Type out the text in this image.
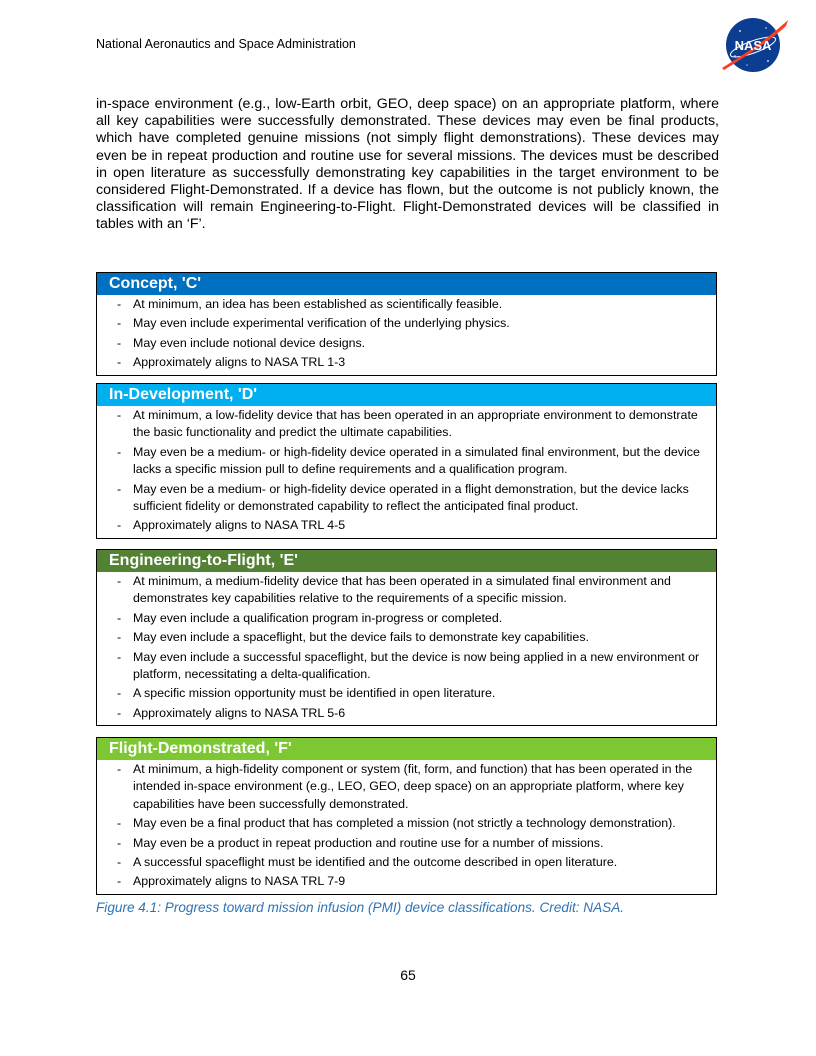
National Aeronautics and Space Administration	NASA

in-space environment (e.g., low-Earth orbit, GEO, deep space) on an appropriate platform, where all key capabilities were successfully demonstrated. These devices may even be final products, which have completed genuine missions (not simply flight demonstrations). These devices may even be in repeat production and routine use for several missions. The devices must be described in open literature as successfully demonstrating key capabilities in the target environment to be considered Flight-Demonstrated. If a device has flown, but the outcome is not publicly known, the classification will remain Engineering-to-Flight. Flight-Demonstrated devices will be classified in tables with an ‘F’.

Concept, 'C'
- At minimum, an idea has been established as scientifically feasible.
- May even include experimental verification of the underlying physics.
- May even include notional device designs.
- Approximately aligns to NASA TRL 1-3
In-Development, 'D'
- At minimum, a low-fidelity device that has been operated in an appropriate environment to demonstrate the basic functionality and predict the ultimate capabilities.
- May even be a medium- or high-fidelity device operated in a simulated final environment, but the device lacks a specific mission pull to define requirements and a qualification program.
- May even be a medium- or high-fidelity device operated in a flight demonstration, but the device lacks sufficient fidelity or demonstrated capability to reflect the anticipated final product.
- Approximately aligns to NASA TRL 4-5
Engineering-to-Flight, 'E'
- At minimum, a medium-fidelity device that has been operated in a simulated final environment and demonstrates key capabilities relative to the requirements of a specific mission.
- May even include a qualification program in-progress or completed.
- May even include a spaceflight, but the device fails to demonstrate key capabilities.
- May even include a successful spaceflight, but the device is now being applied in a new environment or platform, necessitating a delta-qualification.
- A specific mission opportunity must be identified in open literature.
- Approximately aligns to NASA TRL 5-6
Flight-Demonstrated, 'F'
- At minimum, a high-fidelity component or system (fit, form, and function) that has been operated in the intended in-space environment (e.g., LEO, GEO, deep space) on an appropriate platform, where key capabilities have been successfully demonstrated.
- May even be a final product that has completed a mission (not strictly a technology demonstration).
- May even be a product in repeat production and routine use for a number of missions.
- A successful spaceflight must be identified and the outcome described in open literature.
- Approximately aligns to NASA TRL 7-9
Figure 4.1: Progress toward mission infusion (PMI) device classifications. Credit: NASA.
65
